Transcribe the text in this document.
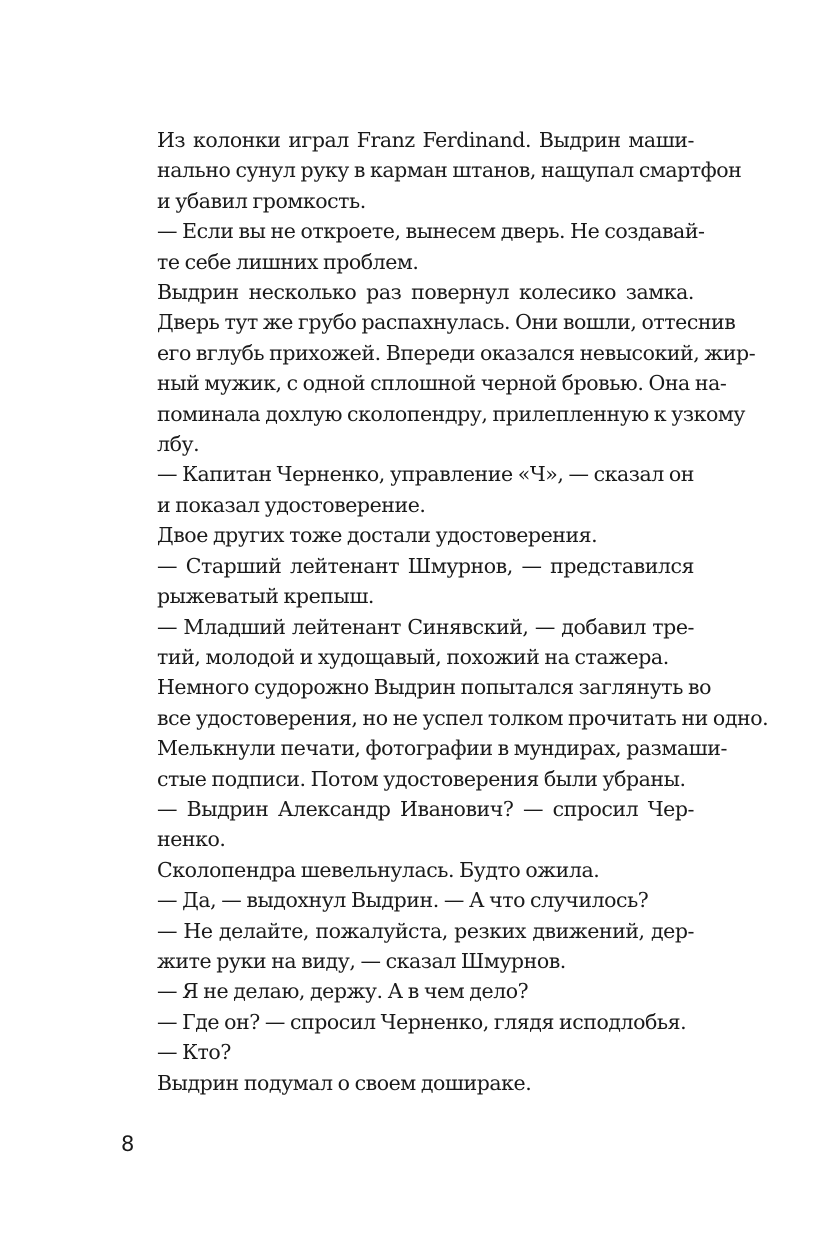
Из колонки играл Franz Ferdinand. Выдрин маши-
нально сунул руку в карман штанов, нащупал смартфон
и убавил громкость.

— Если вы не откроете, вынесем дверь. Не создавай-
те себе лишних проблем.

Выдрин несколько раз повернул колесико замка.
Дверь тут же грубо распахнулась. Они вошли, оттеснив
его вглубь прихожей. Впереди оказался невысокий, жир-
ный мужик, с одной сплошной черной бровью. Она на-
поминала дохлую сколопендру, прилепленную к узкому
лбу.

— Капитан Черненко, управление «Ч», — сказал он
и показал удостоверение.

Двое других тоже достали удостоверения.

— Старший лейтенант Шмурнов, — представился
рыжеватый крепыш.

— Младший лейтенант Синявский, — добавил тре-
тий, молодой и худощавый, похожий на стажера.

Немного судорожно Выдрин попытался заглянуть во
все удостоверения, но не успел толком прочитать ни одно.
Мелькнули печати, фотографии в мундирах, размаши-
стые подписи. Потом удостоверения были убраны.

— Выдрин Александр Иванович? — спросил Чер-
ненко.

Сколопендра шевельнулась. Будто ожила.

— Да, — выдохнул Выдрин. — А что случилось?

— Не делайте, пожалуйста, резких движений, дер-
жите руки на виду, — сказал Шмурнов.

— Я не делаю, держу. А в чем дело?

— Где он? — спросил Черненко, глядя исподлобья.

— Кто?

Выдрин подумал о своем дошираке.

8
